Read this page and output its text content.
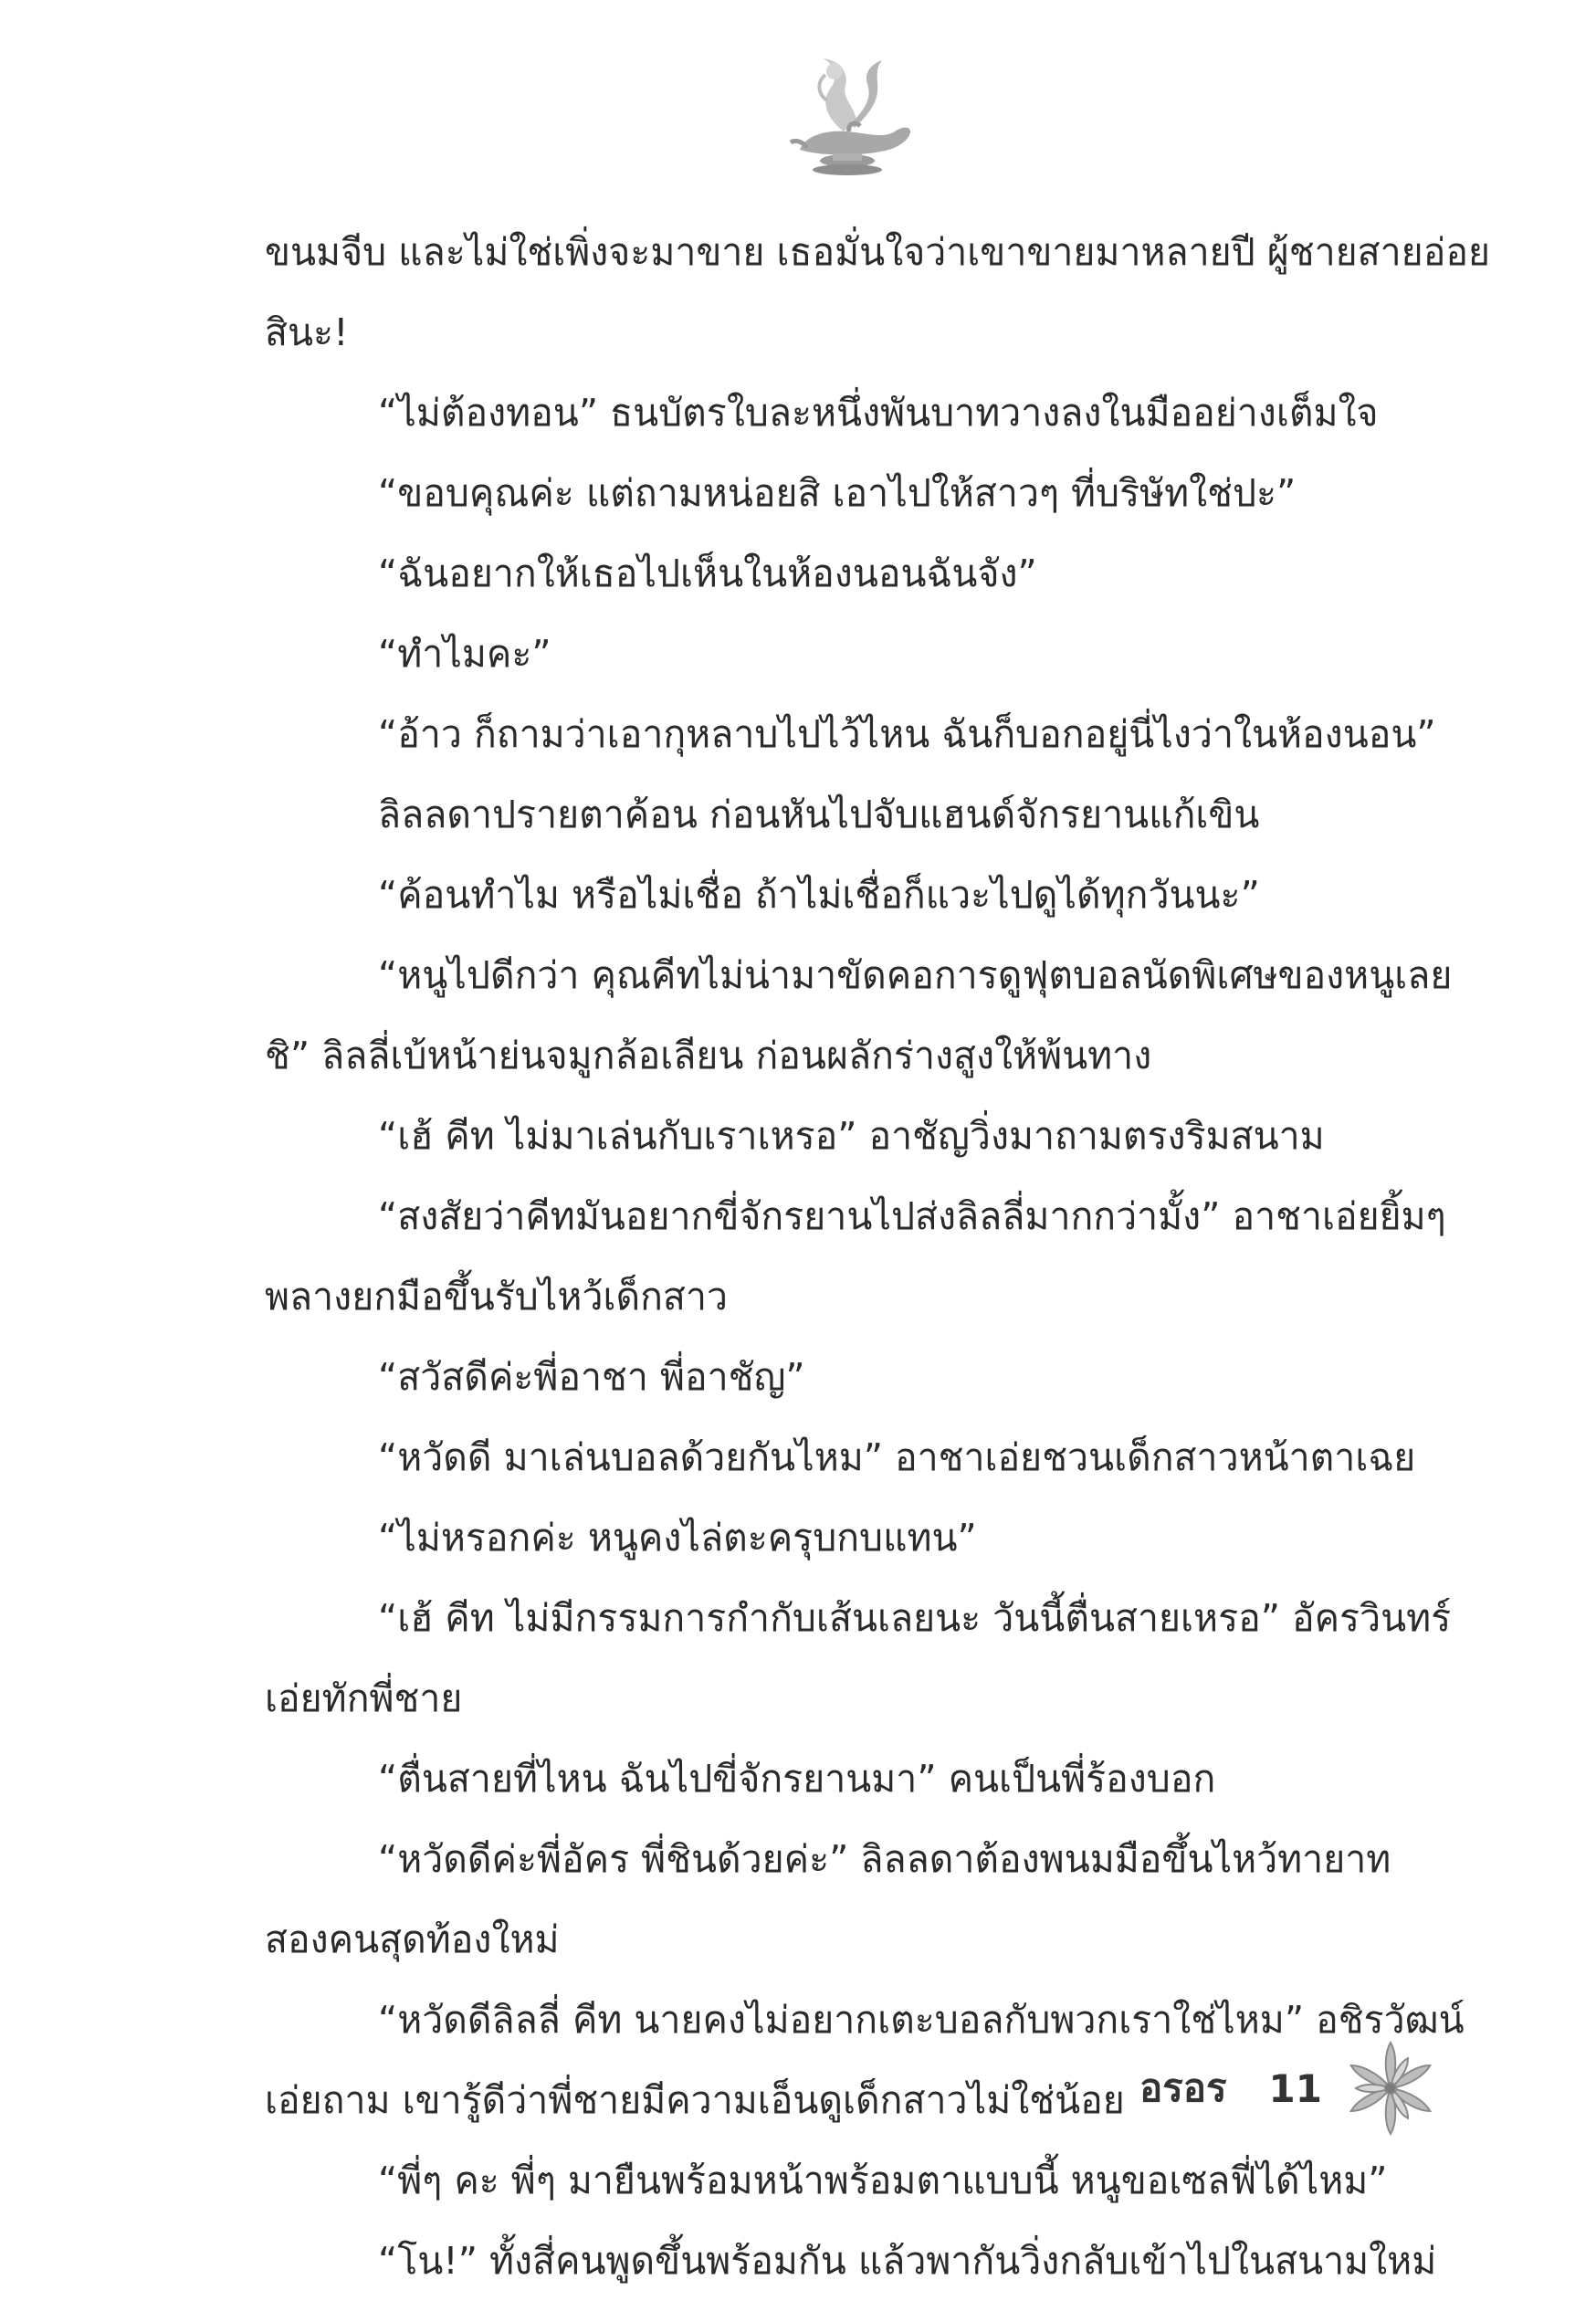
ขนมจีบ และไม่ใช่เพิ่งจะมาขาย เธอมั่นใจว่าเขาขายมาหลายปี ผู้ชายสายอ่อย
สินะ!
“ไม่ต้องทอน” ธนบัตรใบละหนึ่งพันบาทวางลงในมืออย่างเต็มใจ
“ขอบคุณค่ะ แต่ถามหน่อยสิ เอาไปให้สาวๆ ที่บริษัทใช่ปะ”
“ฉันอยากให้เธอไปเห็นในห้องนอนฉันจัง”
“ทำไมคะ”
“อ้าว ก็ถามว่าเอากุหลาบไปไว้ไหน ฉันก็บอกอยู่นี่ไงว่าในห้องนอน”
ลิลลดาปรายตาค้อน ก่อนหันไปจับแฮนด์จักรยานแก้เขิน
“ค้อนทำไม หรือไม่เชื่อ ถ้าไม่เชื่อก็แวะไปดูได้ทุกวันนะ”
“หนูไปดีกว่า คุณคีทไม่น่ามาขัดคอการดูฟุตบอลนัดพิเศษของหนูเลย
ชิ” ลิลลี่เบ้หน้าย่นจมูกล้อเลียน ก่อนผลักร่างสูงให้พ้นทาง
“เฮ้ คีท ไม่มาเล่นกับเราเหรอ” อาชัญวิ่งมาถามตรงริมสนาม
“สงสัยว่าคีทมันอยากขี่จักรยานไปส่งลิลลี่มากกว่ามั้ง” อาชาเอ่ยยิ้มๆ
พลางยกมือขึ้นรับไหว้เด็กสาว
“สวัสดีค่ะพี่อาชา พี่อาชัญ”
“หวัดดี มาเล่นบอลด้วยกันไหม” อาชาเอ่ยชวนเด็กสาวหน้าตาเฉย
“ไม่หรอกค่ะ หนูคงไล่ตะครุบกบแทน”
“เฮ้ คีท ไม่มีกรรมการกำกับเส้นเลยนะ วันนี้ตื่นสายเหรอ” อัครวินทร์
เอ่ยทักพี่ชาย
“ตื่นสายที่ไหน ฉันไปขี่จักรยานมา” คนเป็นพี่ร้องบอก
“หวัดดีค่ะพี่อัคร พี่ชินด้วยค่ะ” ลิลลดาต้องพนมมือขึ้นไหว้ทายาท
สองคนสุดท้องใหม่
“หวัดดีลิลลี่ คีท นายคงไม่อยากเตะบอลกับพวกเราใช่ไหม” อชิรวัฒน์
เอ่ยถาม เขารู้ดีว่าพี่ชายมีความเอ็นดูเด็กสาวไม่ใช่น้อย
“พี่ๆ คะ พี่ๆ มายืนพร้อมหน้าพร้อมตาแบบนี้ หนูขอเซลฟี่ได้ไหม”
“โน!” ทั้งสี่คนพูดขึ้นพร้อมกัน แล้วพากันวิ่งกลับเข้าไปในสนามใหม่
อรอร 11
